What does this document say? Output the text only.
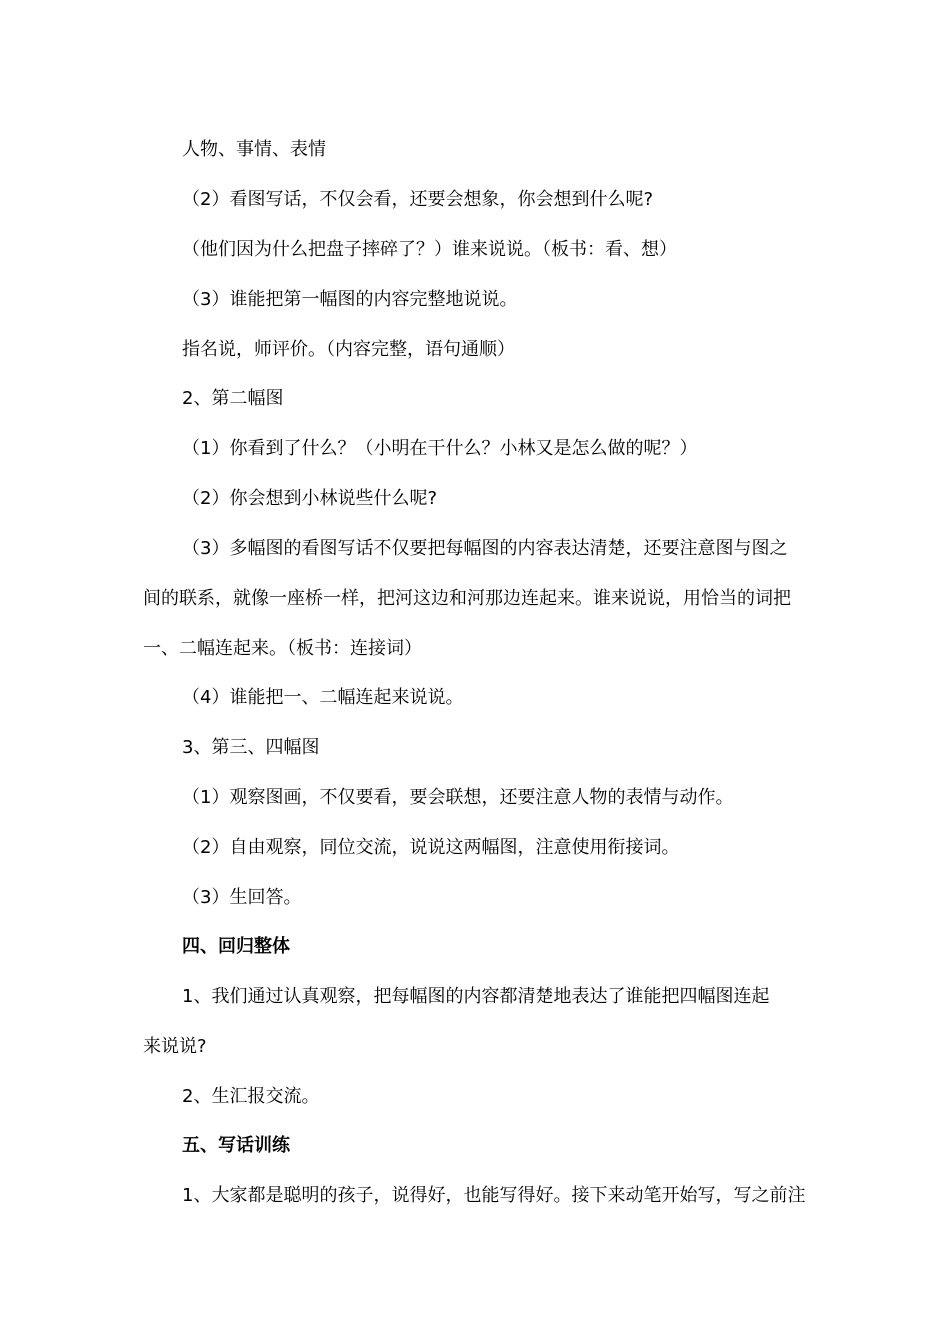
人物、事情、表情
（2）看图写话，不仅会看，还要会想象，你会想到什么呢?
（他们因为什么把盘子摔碎了？）谁来说说。（板书：看、想）
（3）谁能把第一幅图的内容完整地说说。
指名说，师评价。（内容完整，语句通顺）
2、第二幅图
（1）你看到了什么？（小明在干什么？小林又是怎么做的呢？）
（2）你会想到小林说些什么呢?
（3）多幅图的看图写话不仅要把每幅图的内容表达清楚，还要注意图与图之
间的联系，就像一座桥一样，把河这边和河那边连起来。谁来说说，用恰当的词把
一、二幅连起来。（板书：连接词）
（4）谁能把一、二幅连起来说说。
3、第三、四幅图
（1）观察图画，不仅要看，要会联想，还要注意人物的表情与动作。
（2）自由观察，同位交流，说说这两幅图，注意使用衔接词。
（3）生回答。
四、回归整体
1、我们通过认真观察，把每幅图的内容都清楚地表达了谁能把四幅图连起
来说说?
2、生汇报交流。
五、写话训练
1、大家都是聪明的孩子，说得好，也能写得好。接下来动笔开始写，写之前注
